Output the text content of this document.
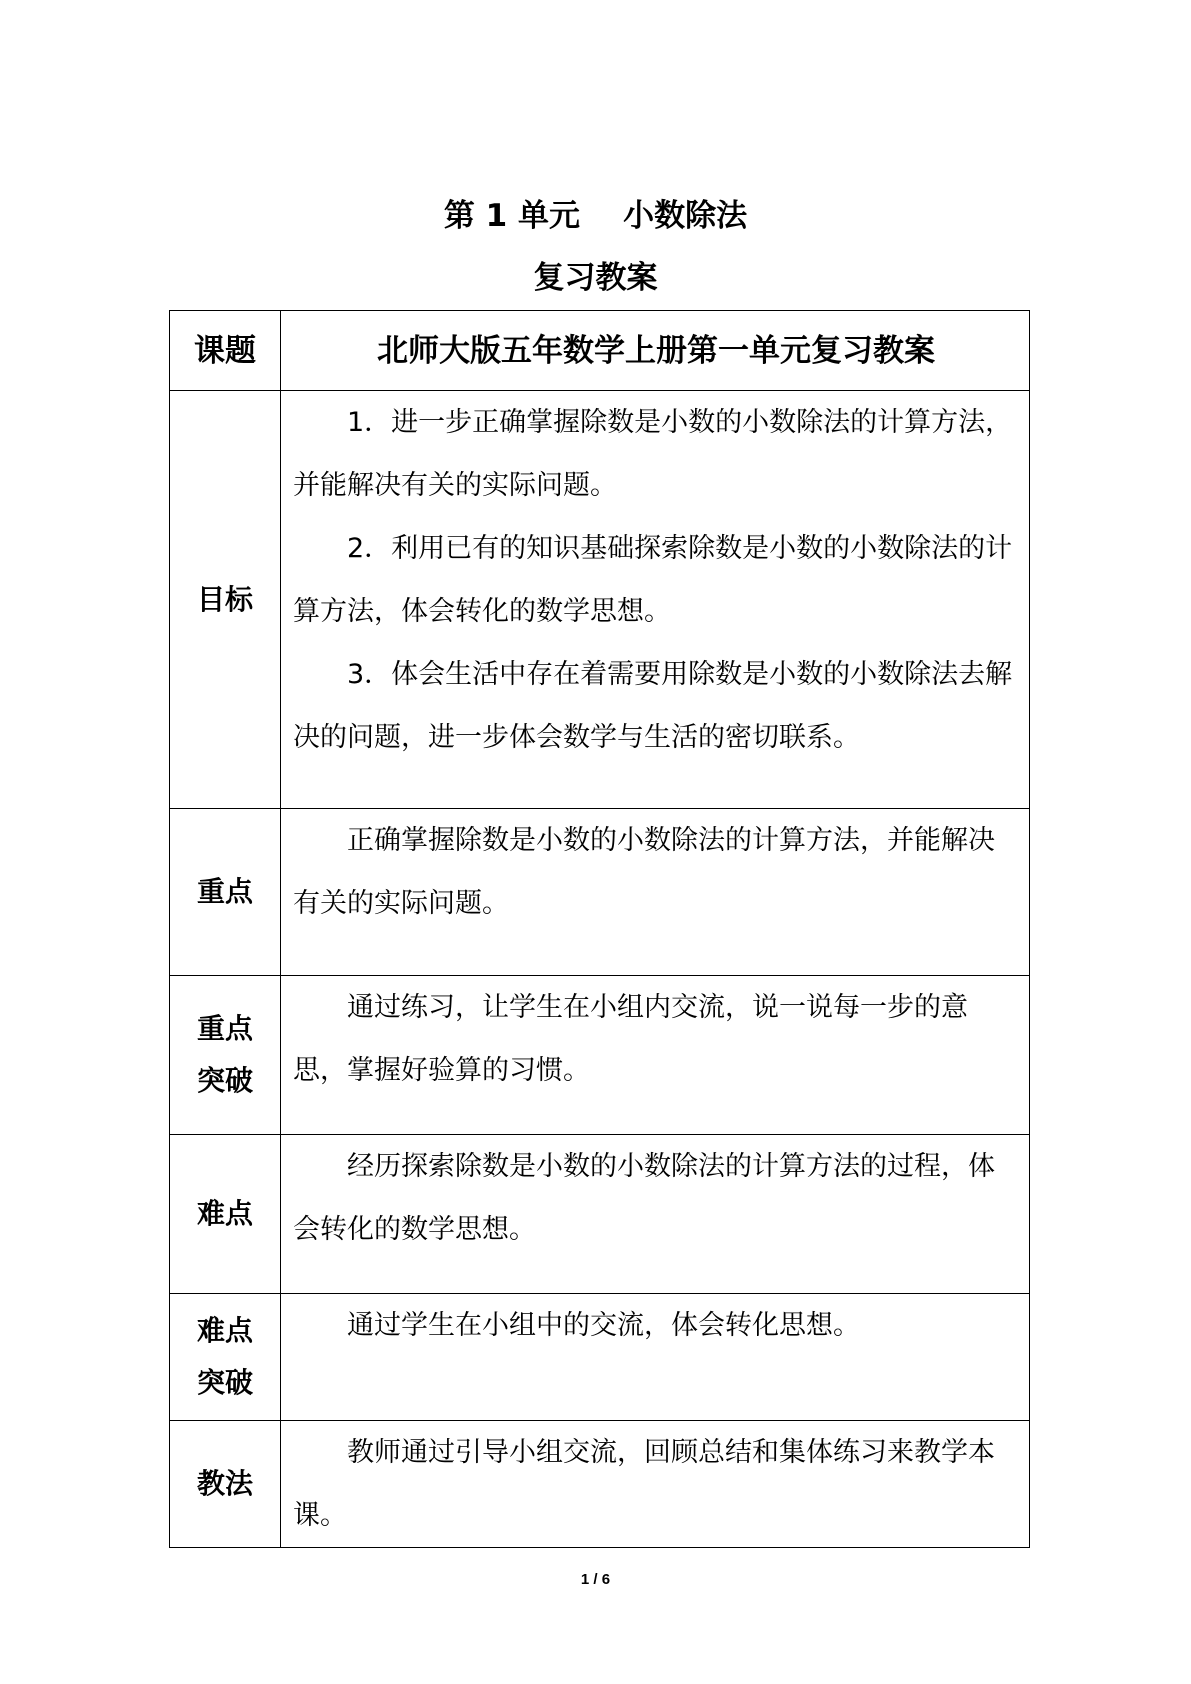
第 1 单元    小数除法
复习教案
课题	北师大版五年数学上册第一单元复习教案
目标	1．进一步正确掌握除数是小数的小数除法的计算方法，并能解决有关的实际问题。

2．利用已有的知识基础探索除数是小数的小数除法的计算方法，体会转化的数学思想。

3．体会生活中存在着需要用除数是小数的小数除法去解决的问题，进一步体会数学与生活的密切联系。

重点	正确掌握除数是小数的小数除法的计算方法，并能解决有关的实际问题。

重点
突破	通过练习，让学生在小组内交流，说一说每一步的意思，掌握好验算的习惯。

难点	经历探索除数是小数的小数除法的计算方法的过程，体会转化的数学思想。

难点
突破	通过学生在小组中的交流，体会转化思想。

教法	教师通过引导小组交流，回顾总结和集体练习来教学本课。

1 / 6
